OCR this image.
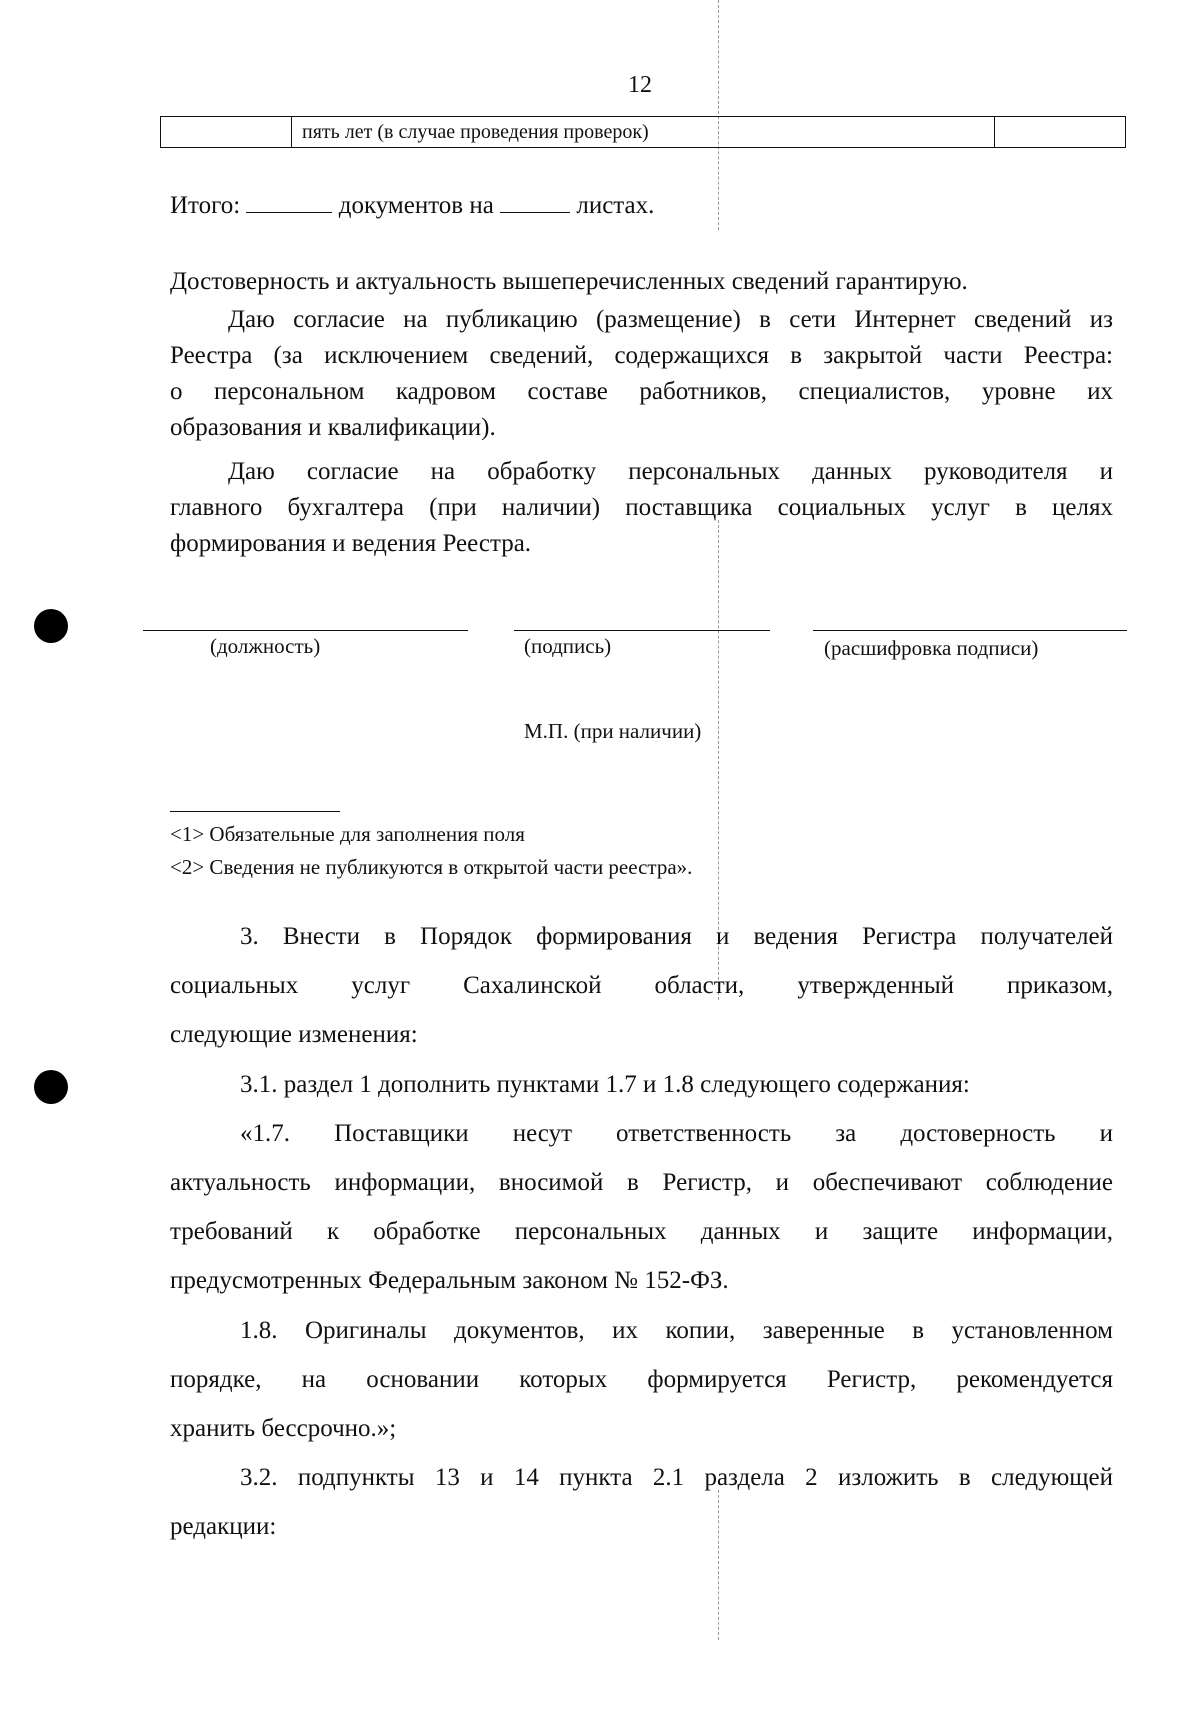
12
	пять лет (в случае проведения проверок)	
Итого:	документов на	листах.
Достоверность и актуальность вышеперечисленных сведений гарантирую.
Даю согласие на публикацию (размещение) в сети Интернет сведений из
Реестра (за исключением сведений, содержащихся в закрытой части Реестра:
о персональном кадровом составе работников, специалистов, уровне их
образования и квалификации).
Даю согласие на обработку персональных данных руководителя и
главного бухгалтера (при наличии) поставщика социальных услуг в целях
формирования и ведения Реестра.
(должность)	(подпись)	(расшифровка подписи)
М.П. (при наличии)
<1> Обязательные для заполнения поля
<2> Сведения не публикуются в открытой части реестра».
3. Внести в Порядок формирования и ведения Регистра получателей
социальных услуг Сахалинской области, утвержденный приказом,
следующие изменения:
3.1. раздел 1 дополнить пунктами 1.7 и 1.8 следующего содержания:
«1.7. Поставщики несут ответственность за достоверность и
актуальность информации, вносимой в Регистр, и обеспечивают соблюдение
требований к обработке персональных данных и защите информации,
предусмотренных Федеральным законом № 152-ФЗ.
1.8. Оригиналы документов, их копии, заверенные в установленном
порядке, на основании которых формируется Регистр, рекомендуется
хранить бессрочно.»;
3.2. подпункты 13 и 14 пункта 2.1 раздела 2 изложить в следующей
редакции:
